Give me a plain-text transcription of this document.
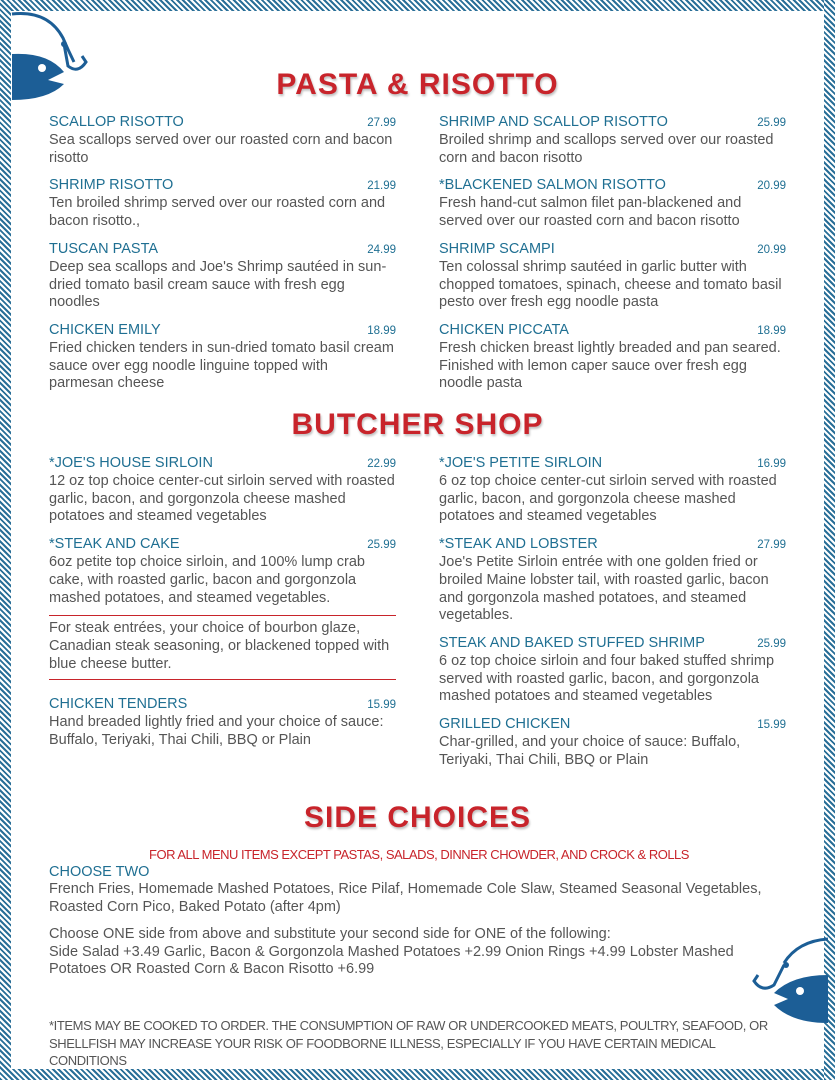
PASTA & RISOTTO
SCALLOP RISOTTO	27.99
Sea scallops served over our roasted corn and bacon risotto
SHRIMP RISOTTO	21.99
Ten broiled shrimp served over our roasted corn and bacon risotto.,
TUSCAN PASTA	24.99
Deep sea scallops and Joe's Shrimp sautéed in sun-dried tomato basil cream sauce with fresh egg noodles
CHICKEN EMILY	18.99
Fried chicken tenders in sun-dried tomato basil cream sauce over egg noodle linguine topped with parmesan cheese
SHRIMP AND SCALLOP RISOTTO	25.99
Broiled shrimp and scallops served over our roasted corn and bacon risotto
*BLACKENED SALMON RISOTTO	20.99
Fresh hand-cut salmon filet pan-blackened and served over our roasted corn and bacon risotto
SHRIMP SCAMPI	20.99
Ten colossal shrimp sautéed in garlic butter with chopped tomatoes, spinach, cheese and tomato basil pesto over fresh egg noodle pasta
CHICKEN PICCATA	18.99
Fresh chicken breast lightly breaded and pan seared. Finished with lemon caper sauce over fresh egg noodle pasta
BUTCHER SHOP
*JOE'S HOUSE SIRLOIN	22.99
12 oz top choice center-cut sirloin served with roasted garlic, bacon, and gorgonzola cheese mashed potatoes and steamed vegetables
*STEAK AND CAKE	25.99
6oz petite top choice sirloin, and 100% lump crab cake, with roasted garlic, bacon and gorgonzola mashed potatoes, and steamed vegetables.
For steak entrées, your choice of bourbon glaze, Canadian steak seasoning, or blackened topped with blue cheese butter.
CHICKEN TENDERS	15.99
Hand breaded lightly fried and your choice of sauce: Buffalo, Teriyaki, Thai Chili, BBQ or Plain
*JOE'S PETITE SIRLOIN	16.99
6 oz top choice center-cut sirloin served with roasted garlic, bacon, and gorgonzola cheese mashed potatoes and steamed vegetables
*STEAK AND LOBSTER	27.99
Joe's Petite Sirloin entrée with one golden fried or broiled Maine lobster tail, with roasted garlic, bacon and gorgonzola mashed potatoes, and steamed vegetables.
STEAK AND BAKED STUFFED SHRIMP	25.99
6 oz top choice sirloin and four baked stuffed shrimp served with roasted garlic, bacon, and gorgonzola mashed potatoes and steamed vegetables
GRILLED CHICKEN	15.99
Char-grilled, and your choice of sauce: Buffalo, Teriyaki, Thai Chili, BBQ or Plain
SIDE CHOICES
FOR ALL MENU ITEMS EXCEPT PASTAS, SALADS, DINNER CHOWDER, AND CROCK & ROLLS
CHOOSE TWO
French Fries, Homemade Mashed Potatoes, Rice Pilaf, Homemade Cole Slaw, Steamed Seasonal Vegetables, Roasted Corn Pico, Baked Potato (after 4pm)
Choose ONE side from above and substitute your second side for ONE of the following:
Side Salad +3.49 Garlic, Bacon & Gorgonzola Mashed Potatoes +2.99 Onion Rings +4.99 Lobster Mashed Potatoes OR Roasted Corn & Bacon Risotto +6.99
*ITEMS MAY BE COOKED TO ORDER. THE CONSUMPTION OF RAW OR UNDERCOOKED MEATS, POULTRY, SEAFOOD, OR SHELLFISH MAY INCREASE YOUR RISK OF FOODBORNE ILLNESS, ESPECIALLY IF YOU HAVE CERTAIN MEDICAL CONDITIONS
